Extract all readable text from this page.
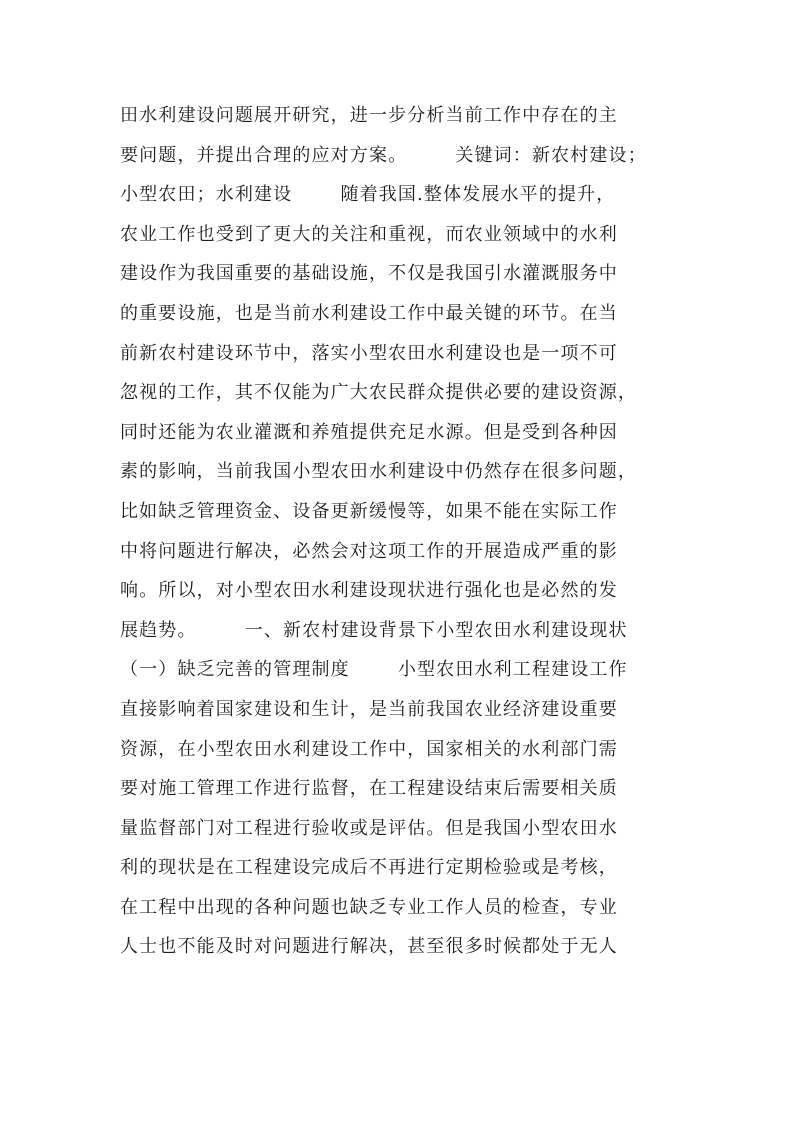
田水利建设问题展开研究，进一步分析当前工作中存在的主
要问题，并提出合理的应对方案。       关键词：新农村建设；
小型农田；水利建设       随着我国.整体发展水平的提升，
农业工作也受到了更大的关注和重视，而农业领域中的水利
建设作为我国重要的基础设施，不仅是我国引水灌溉服务中
的重要设施，也是当前水利建设工作中最关键的环节。在当
前新农村建设环节中，落实小型农田水利建设也是一项不可
忽视的工作，其不仅能为广大农民群众提供必要的建设资源，
同时还能为农业灌溉和养殖提供充足水源。但是受到各种因
素的影响，当前我国小型农田水利建设中仍然存在很多问题，
比如缺乏管理资金、设备更新缓慢等，如果不能在实际工作
中将问题进行解决，必然会对这项工作的开展造成严重的影
响。所以，对小型农田水利建设现状进行强化也是必然的发
展趋势。       一、新农村建设背景下小型农田水利建设现状
（一）缺乏完善的管理制度       小型农田水利工程建设工作
直接影响着国家建设和生计，是当前我国农业经济建设重要
资源，在小型农田水利建设工作中，国家相关的水利部门需
要对施工管理工作进行监督，在工程建设结束后需要相关质
量监督部门对工程进行验收或是评估。但是我国小型农田水
利的现状是在工程建设完成后不再进行定期检验或是考核，
在工程中出现的各种问题也缺乏专业工作人员的检查，专业
人士也不能及时对问题进行解决，甚至很多时候都处于无人
